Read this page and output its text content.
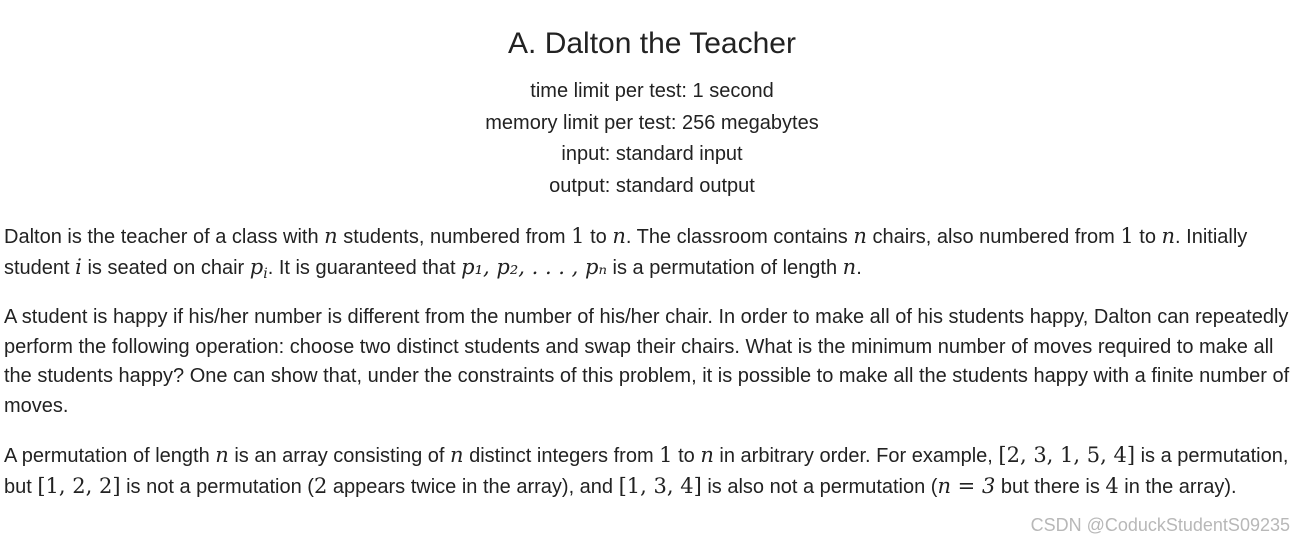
A. Dalton the Teacher
time limit per test: 1 second
memory limit per test: 256 megabytes
input: standard input
output: standard output

Dalton is the teacher of a class with n students, numbered from 1 to n. The classroom contains n chairs, also numbered from 1 to n. Initially student i is seated on chair $p_i$. It is guaranteed that p₁, p₂, . . . , pₙ is a permutation of length n.

A student is happy if his/her number is different from the number of his/her chair. In order to make all of his students happy, Dalton can repeatedly perform the following operation: choose two distinct students and swap their chairs. What is the minimum number of moves required to make all the students happy? One can show that, under the constraints of this problem, it is possible to make all the students happy with a finite number of moves.

A permutation of length n is an array consisting of n distinct integers from 1 to n in arbitrary order. For example, [2, 3, 1, 5, 4] is a permutation, but [1, 2, 2] is not a permutation (2 appears twice in the array), and [1, 3, 4] is also not a permutation (n = 3 but there is 4 in the array).

CSDN @CoduckStudentS09235
